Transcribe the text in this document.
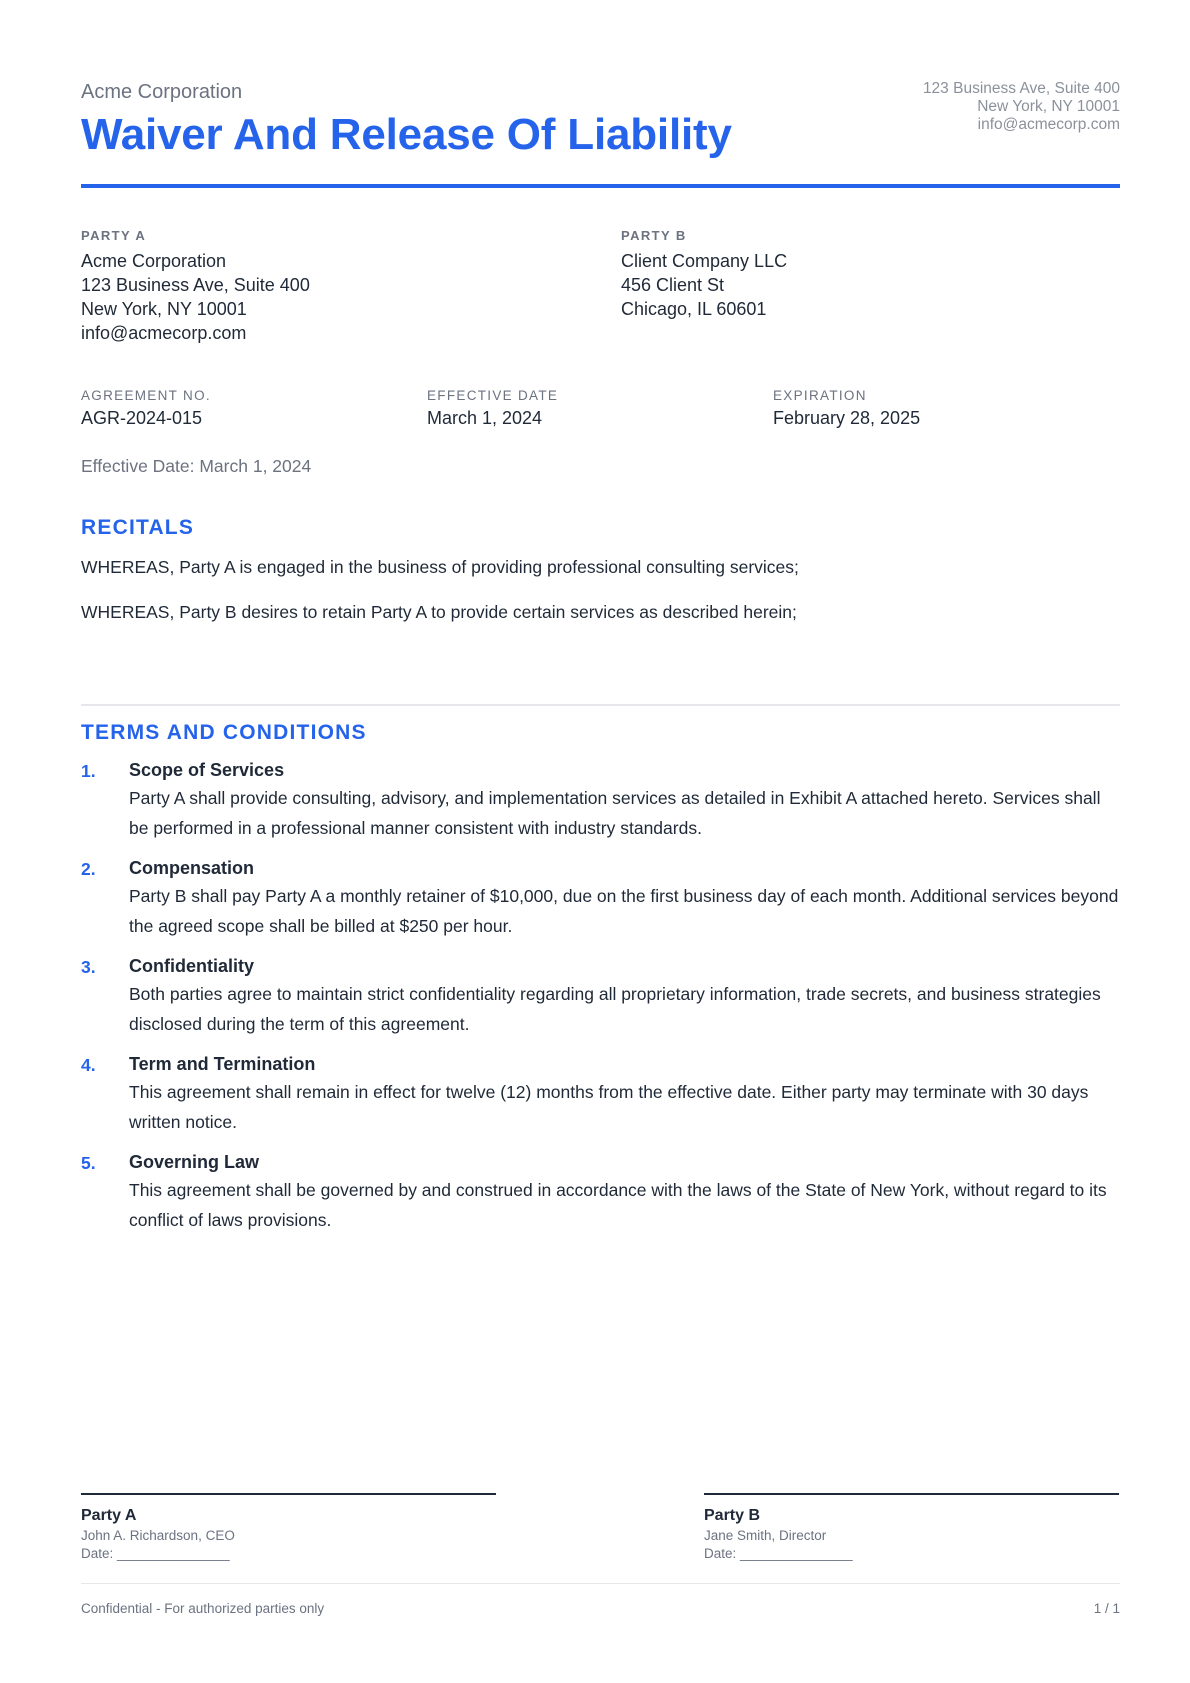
Acme Corporation
Waiver And Release Of Liability
123 Business Ave, Suite 400
New York, NY 10001
info@acmecorp.com
PARTY A
Acme Corporation
123 Business Ave, Suite 400
New York, NY 10001
info@acmecorp.com
PARTY B
Client Company LLC
456 Client St
Chicago, IL 60601
AGREEMENT NO.
AGR-2024-015
EFFECTIVE DATE
March 1, 2024
EXPIRATION
February 28, 2025
Effective Date: March 1, 2024
RECITALS
WHEREAS, Party A is engaged in the business of providing professional consulting services;
WHEREAS, Party B desires to retain Party A to provide certain services as described herein;
TERMS AND CONDITIONS
1. Scope of Services
Party A shall provide consulting, advisory, and implementation services as detailed in Exhibit A attached hereto. Services shall be performed in a professional manner consistent with industry standards.
2. Compensation
Party B shall pay Party A a monthly retainer of $10,000, due on the first business day of each month. Additional services beyond the agreed scope shall be billed at $250 per hour.
3. Confidentiality
Both parties agree to maintain strict confidentiality regarding all proprietary information, trade secrets, and business strategies disclosed during the term of this agreement.
4. Term and Termination
This agreement shall remain in effect for twelve (12) months from the effective date. Either party may terminate with 30 days written notice.
5. Governing Law
This agreement shall be governed by and construed in accordance with the laws of the State of New York, without regard to its conflict of laws provisions.
Party A
John A. Richardson, CEO
Date: _______________
Party B
Jane Smith, Director
Date: _______________
Confidential - For authorized parties only	1 / 1
